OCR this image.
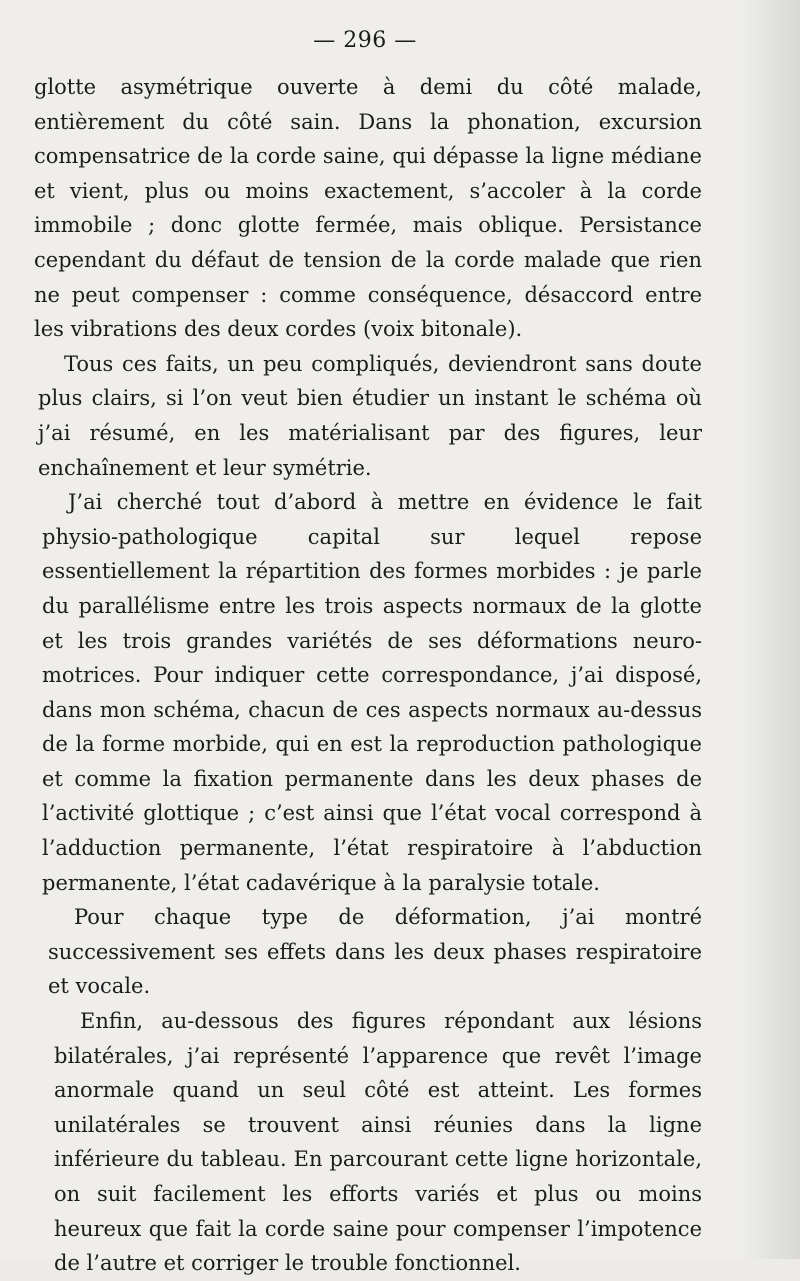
— 296 —

glotte asymétrique ouverte à demi du côté malade, entièrement du côté sain. Dans la phonation, excursion compensatrice de la corde saine, qui dépasse la ligne médiane et vient, plus ou moins exactement, s’accoler à la corde immobile ; donc glotte fermée, mais oblique. Persistance cependant du défaut de tension de la corde malade que rien ne peut compenser : comme conséquence, désaccord entre les vibrations des deux cordes (voix bitonale).

Tous ces faits, un peu compliqués, deviendront sans doute plus clairs, si l’on veut bien étudier un instant le schéma où j’ai résumé, en les matérialisant par des figures, leur enchaînement et leur symétrie.

J’ai cherché tout d’abord à mettre en évidence le fait physio-pathologique capital sur lequel repose essentiellement la répartition des formes morbides : je parle du parallélisme entre les trois aspects normaux de la glotte et les trois grandes variétés de ses déformations neuro-motrices. Pour indiquer cette correspondance, j’ai disposé, dans mon schéma, chacun de ces aspects normaux au-dessus de la forme morbide, qui en est la reproduction pathologique et comme la fixation permanente dans les deux phases de l’activité glottique ; c’est ainsi que l’état vocal correspond à l’adduction permanente, l’état respiratoire à l’abduction permanente, l’état cadavérique à la paralysie totale.

Pour chaque type de déformation, j’ai montré successivement ses effets dans les deux phases respiratoire et vocale.

Enfin, au-dessous des figures répondant aux lésions bilatérales, j’ai représenté l’apparence que revêt l’image anormale quand un seul côté est atteint. Les formes unilatérales se trouvent ainsi réunies dans la ligne inférieure du tableau. En parcourant cette ligne horizontale, on suit facilement les efforts variés et plus ou moins heureux que fait la corde saine pour compenser l’impotence de l’autre et corriger le trouble fonctionnel.
